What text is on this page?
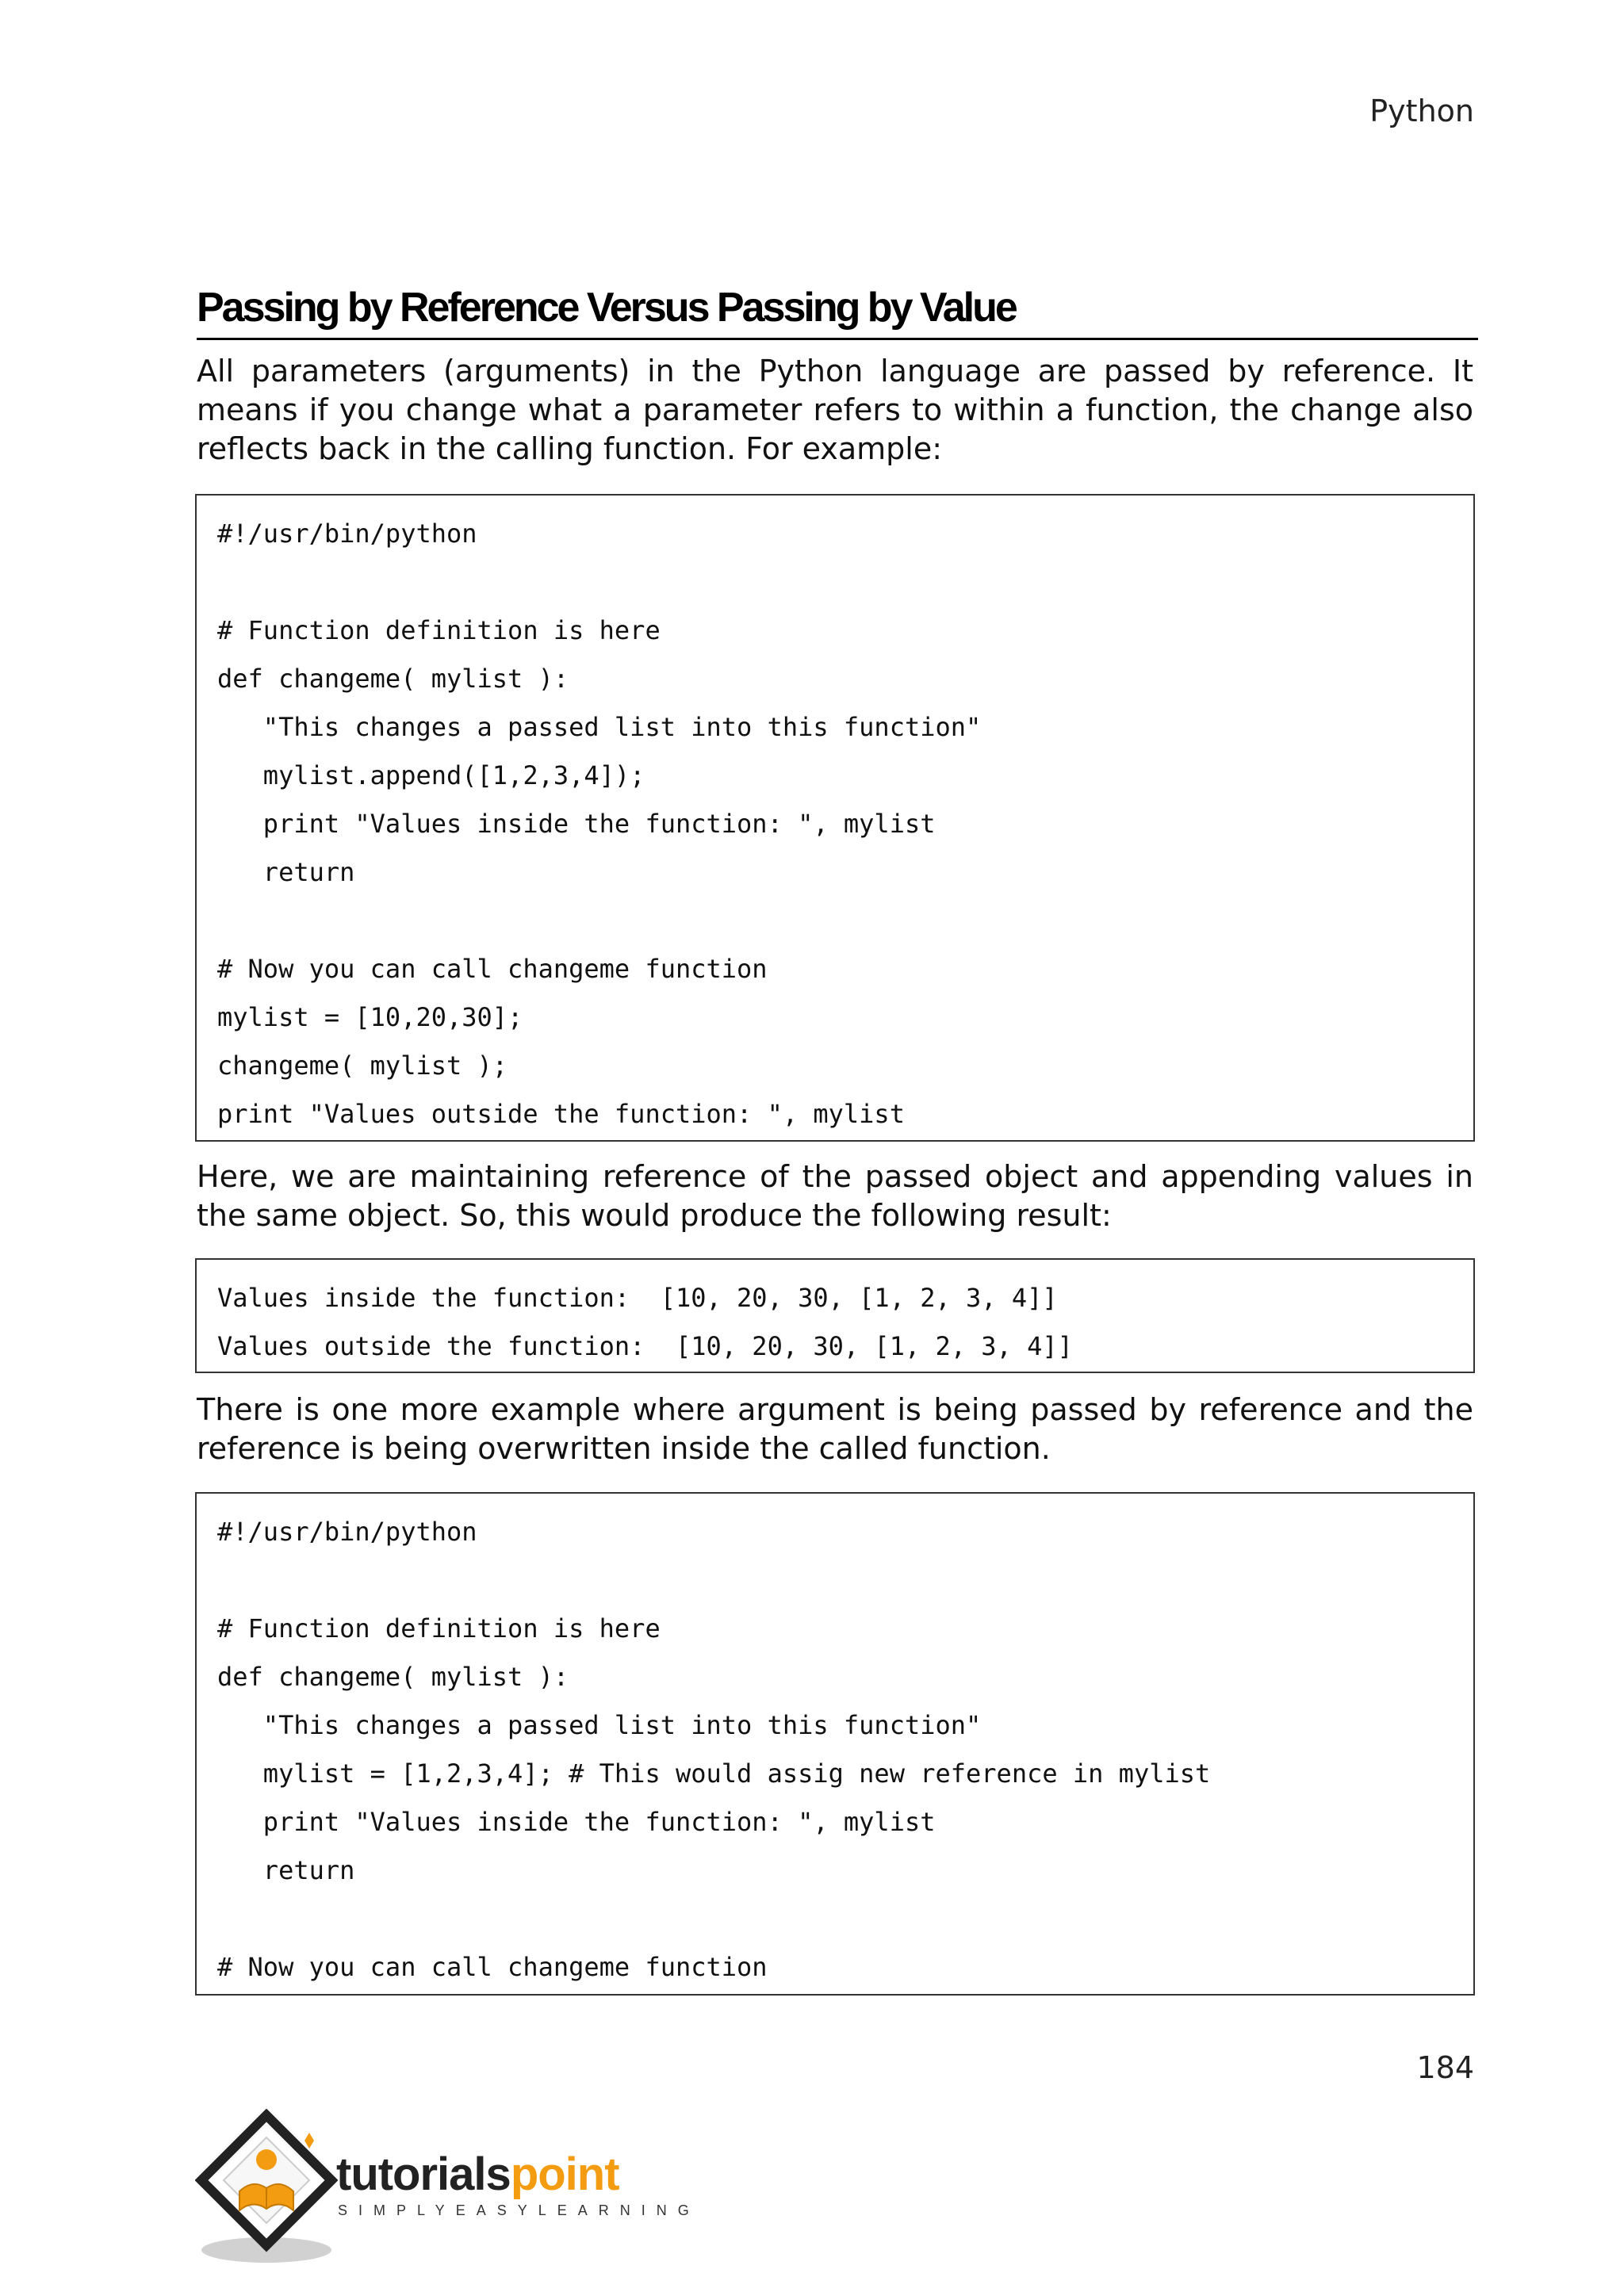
Python
Passing by Reference Versus Passing by Value

All parameters (arguments) in the Python language are passed by reference. It means if you change what a parameter refers to within a function, the change also reflects back in the calling function. For example:

#!/usr/bin/python
# Function definition is here
def changeme( mylist ):
"This changes a passed list into this function"
mylist.append([1,2,3,4]);
print "Values inside the function: ", mylist
return
# Now you can call changeme function
mylist = [10,20,30];
changeme( mylist );
print "Values outside the function: ", mylist

Here, we are maintaining reference of the passed object and appending values in the same object. So, this would produce the following result:

Values inside the function:  [10, 20, 30, [1, 2, 3, 4]]
Values outside the function:  [10, 20, 30, [1, 2, 3, 4]]

There is one more example where argument is being passed by reference and the reference is being overwritten inside the called function.

#!/usr/bin/python
# Function definition is here
def changeme( mylist ):
"This changes a passed list into this function"
mylist = [1,2,3,4]; # This would assig new reference in mylist
print "Values inside the function: ", mylist
return
# Now you can call changeme function
184
tutorialspoint
SIMPLYEASYLEARNING
